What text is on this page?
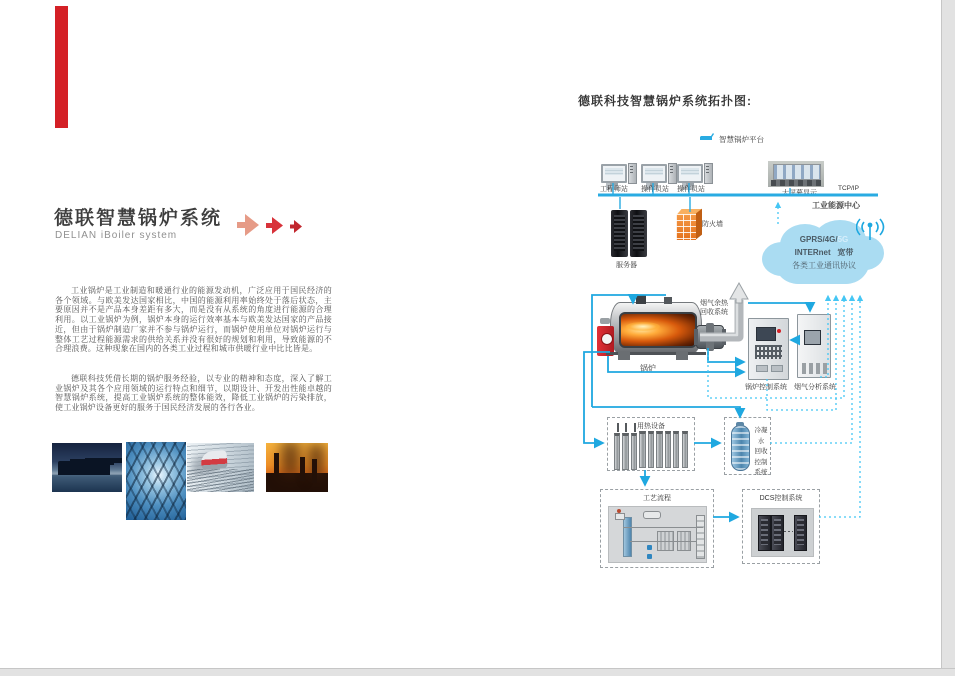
德联智慧锅炉系统
DELIAN iBoiler system
工业锅炉是工业制造和暖通行业的能源发动机，广泛应用于国民经济的各个领域。与欧美发达国家相比，中国的能源利用率始终处于落后状态，主要原因并不是产品本身差距有多大，而是没有从系统的角度进行能源的合理利用。以工业锅炉为例，锅炉本身的运行效率基本与欧美发达国家的产品接近，但由于锅炉制造厂家并不参与锅炉运行，而锅炉使用单位对锅炉运行与整体工艺过程能源需求的供给关系并没有很好的规划和利用，导致能源的不合理浪费。这种现象在国内的各类工业过程和城市供暖行业中比比皆是。
德联科技凭借长期的锅炉服务经验，以专业的精神和态度，深入了解工业锅炉及其各个应用领域的运行特点和细节，以期设计、开发出性能卓越的智慧锅炉系统，提高工业锅炉系统的整体能效，降低工业锅炉的污染排放，使工业锅炉设备更好的服务于国民经济发展的各行各业。
德联科技智慧锅炉系统拓扑图:
智慧锅炉平台
工程师站 操作员站 操作员站
大屏幕显示
TCP/IP
工业能源中心
服务器
防火墙
GPRS/4G/5G
INTERnet 宽带
各类工业通讯协议
锅炉
烟气余热
回收系统
锅炉控制系统 烟气分析系统
用热设备
冷凝水
回收
控制
系统
工艺流程	DCS控制系统
